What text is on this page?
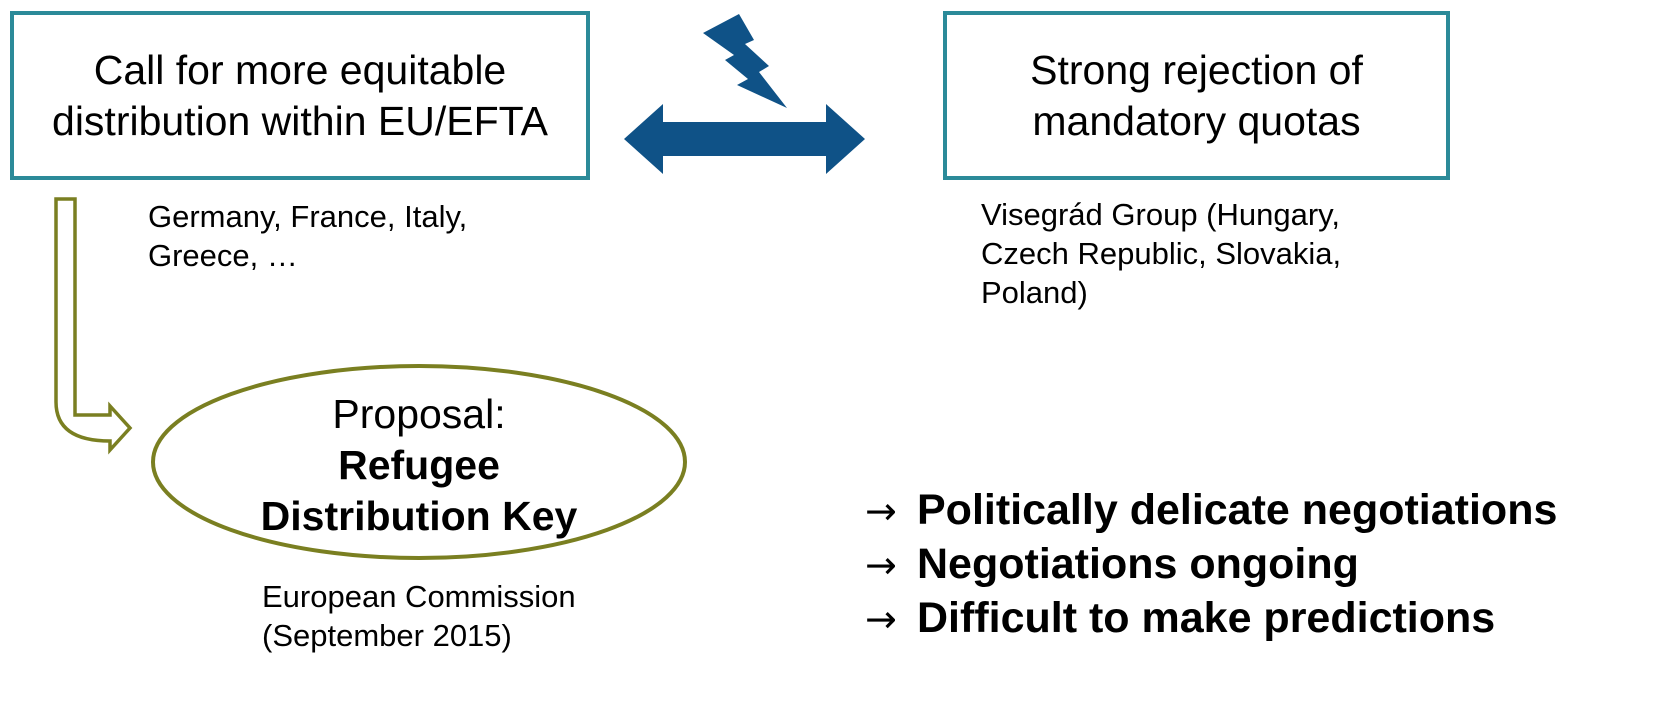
Call for more equitable
distribution within EU/EFTA
Strong rejection of
mandatory quotas
Germany, France, Italy,
Greece, …
Visegrád Group (Hungary,
Czech Republic, Slovakia,
Poland)
Proposal:
Refugee
Distribution Key
European Commission
(September 2015)
→ Politically delicate negotiations
→ Negotiations ongoing
→ Difficult to make predictions
